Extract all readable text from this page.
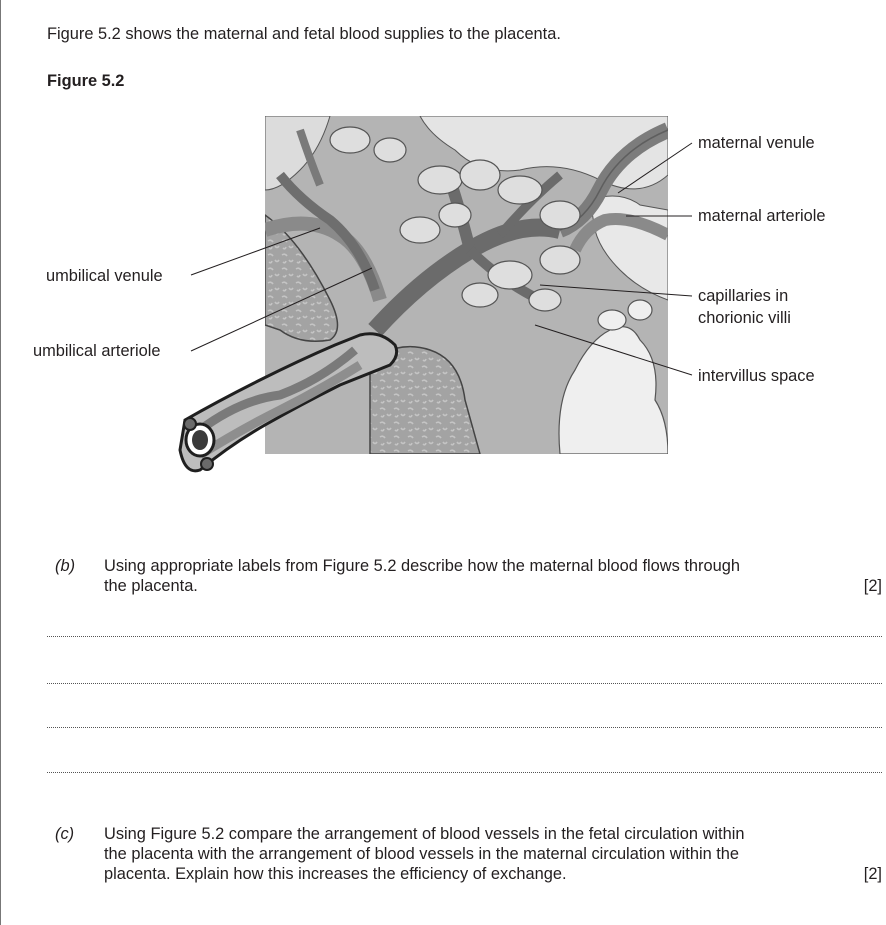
Figure 5.2 shows the maternal and fetal blood supplies to the placenta.
Figure 5.2
maternal venule
maternal arteriole
umbilical venule
umbilical arteriole
capillaries in
chorionic villi
intervillus space
(b) Using appropriate labels from Figure 5.2 describe how the maternal blood flows through
the placenta.	[2]
(c) Using Figure 5.2 compare the arrangement of blood vessels in the fetal circulation within
the placenta with the arrangement of blood vessels in the maternal circulation within the
placenta. Explain how this increases the efficiency of exchange.	[2]
